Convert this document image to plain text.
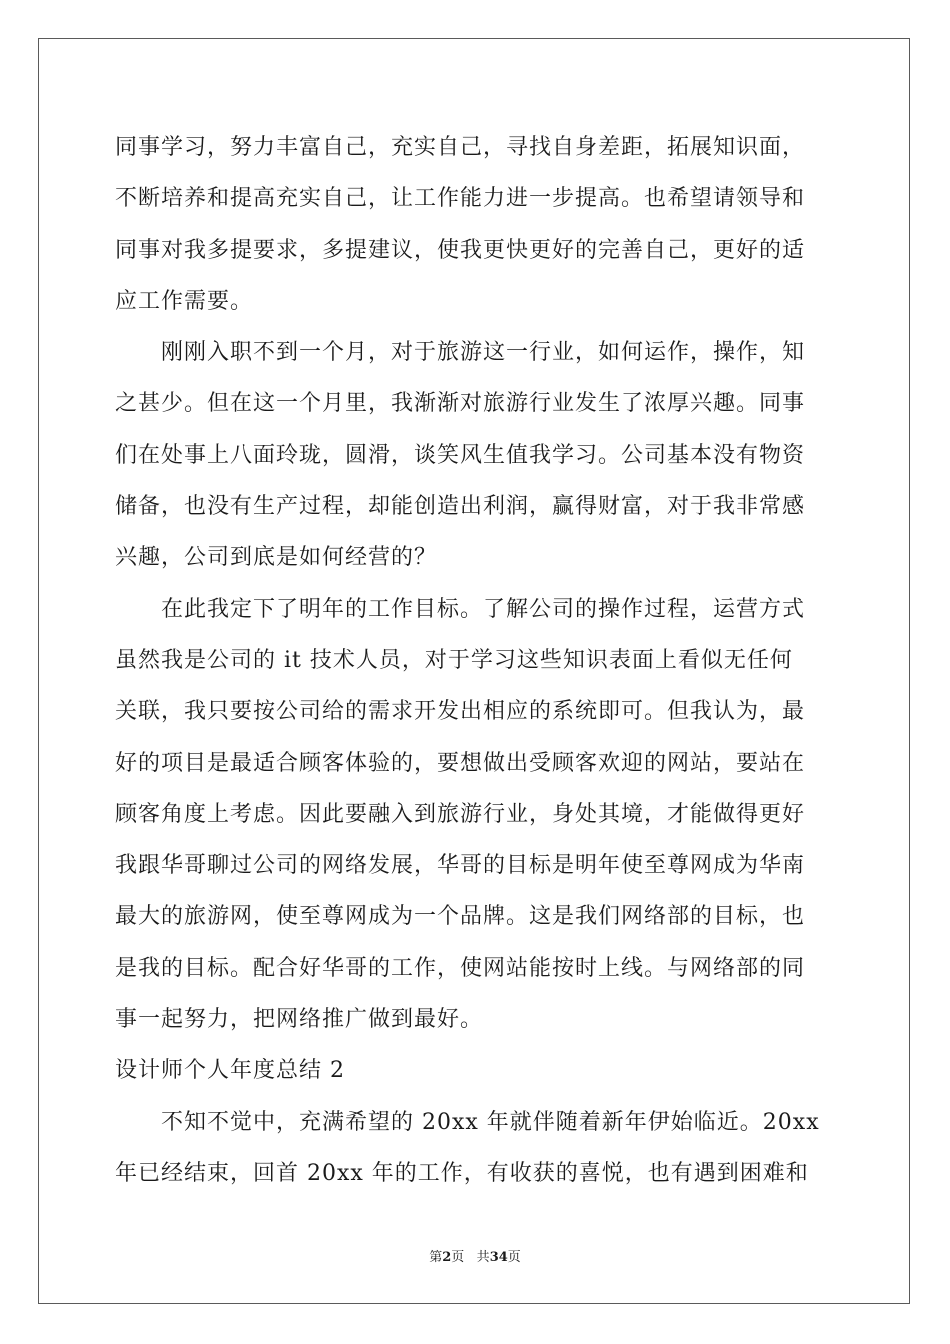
同事学习，努力丰富自己，充实自己，寻找自身差距，拓展知识面，
不断培养和提高充实自己，让工作能力进一步提高。也希望请领导和
同事对我多提要求，多提建议，使我更快更好的完善自己，更好的适
应工作需要。
刚刚入职不到一个月，对于旅游这一行业，如何运作，操作，知
之甚少。但在这一个月里，我渐渐对旅游行业发生了浓厚兴趣。同事
们在处事上八面玲珑，圆滑，谈笑风生值我学习。公司基本没有物资
储备，也没有生产过程，却能创造出利润，赢得财富，对于我非常感
兴趣，公司到底是如何经营的？
在此我定下了明年的工作目标。了解公司的操作过程，运营方式
虽然我是公司的 it 技术人员，对于学习这些知识表面上看似无任何
关联，我只要按公司给的需求开发出相应的系统即可。但我认为，最
好的项目是最适合顾客体验的，要想做出受顾客欢迎的网站，要站在
顾客角度上考虑。因此要融入到旅游行业，身处其境，才能做得更好
我跟华哥聊过公司的网络发展，华哥的目标是明年使至尊网成为华南
最大的旅游网，使至尊网成为一个品牌。这是我们网络部的目标，也
是我的目标。配合好华哥的工作，使网站能按时上线。与网络部的同
事一起努力，把网络推广做到最好。
设计师个人年度总结 2
不知不觉中，充满希望的 20xx 年就伴随着新年伊始临近。20xx
年已经结束，回首 20xx 年的工作，有收获的喜悦，也有遇到困难和
第2页 共34页
